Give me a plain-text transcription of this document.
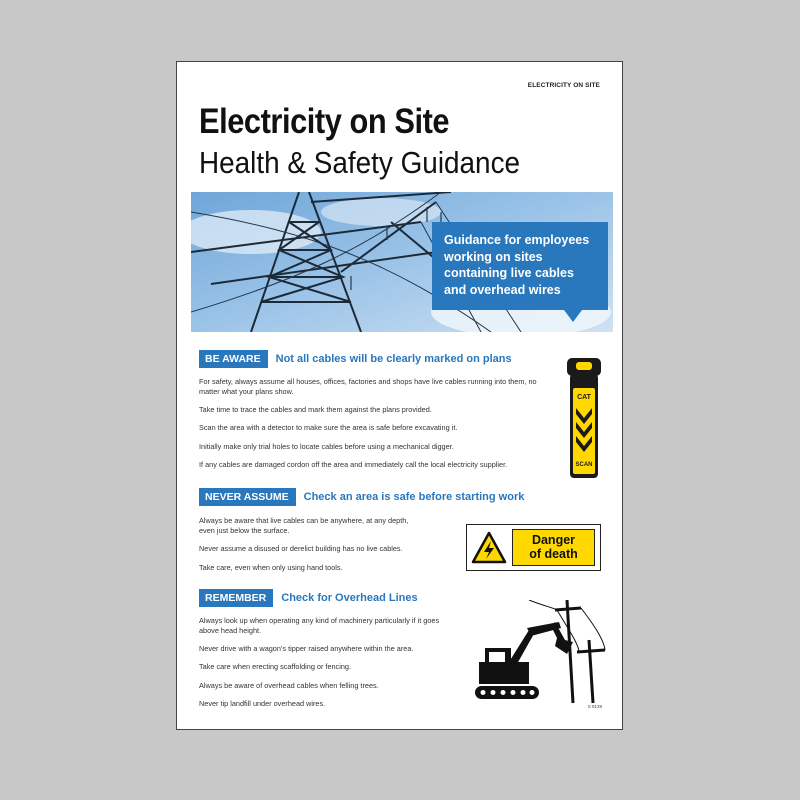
ELECTRICITY ON SITE
Electricity on Site
Health & Safety Guidance
Guidance for employees
working on sites
containing live cables
and overhead wires
BE AWARE	Not all cables will be clearly marked on plans
For safety, always assume all houses, offices, factories and shops have live cables running into them, no matter what your plans show.
Take time to trace the cables and mark them against the plans provided.
Scan the area with a detector to make sure the area is safe before excavating it.
Initially make only trial holes to locate cables before using a mechanical digger.
If any cables are damaged cordon off the area and immediately call the local electricity supplier.
CAT
SCAN
NEVER ASSUME	Check an area is safe before starting work
Always be aware that live cables can be anywhere, at any depth, even just below the surface.
Never assume a disused or derelict building has no live cables.
Take care, even when only using hand tools.
Danger
of death
REMEMBER	Check for Overhead Lines
Always look up when operating any kind of machinery particularly if it goes above head height.
Never drive with a wagon’s tipper raised anywhere within the area.
Take care when erecting scaffolding or fencing.
Always be aware of overhead cables when felling trees.
Never tip landfill under overhead wires.	S 9139
